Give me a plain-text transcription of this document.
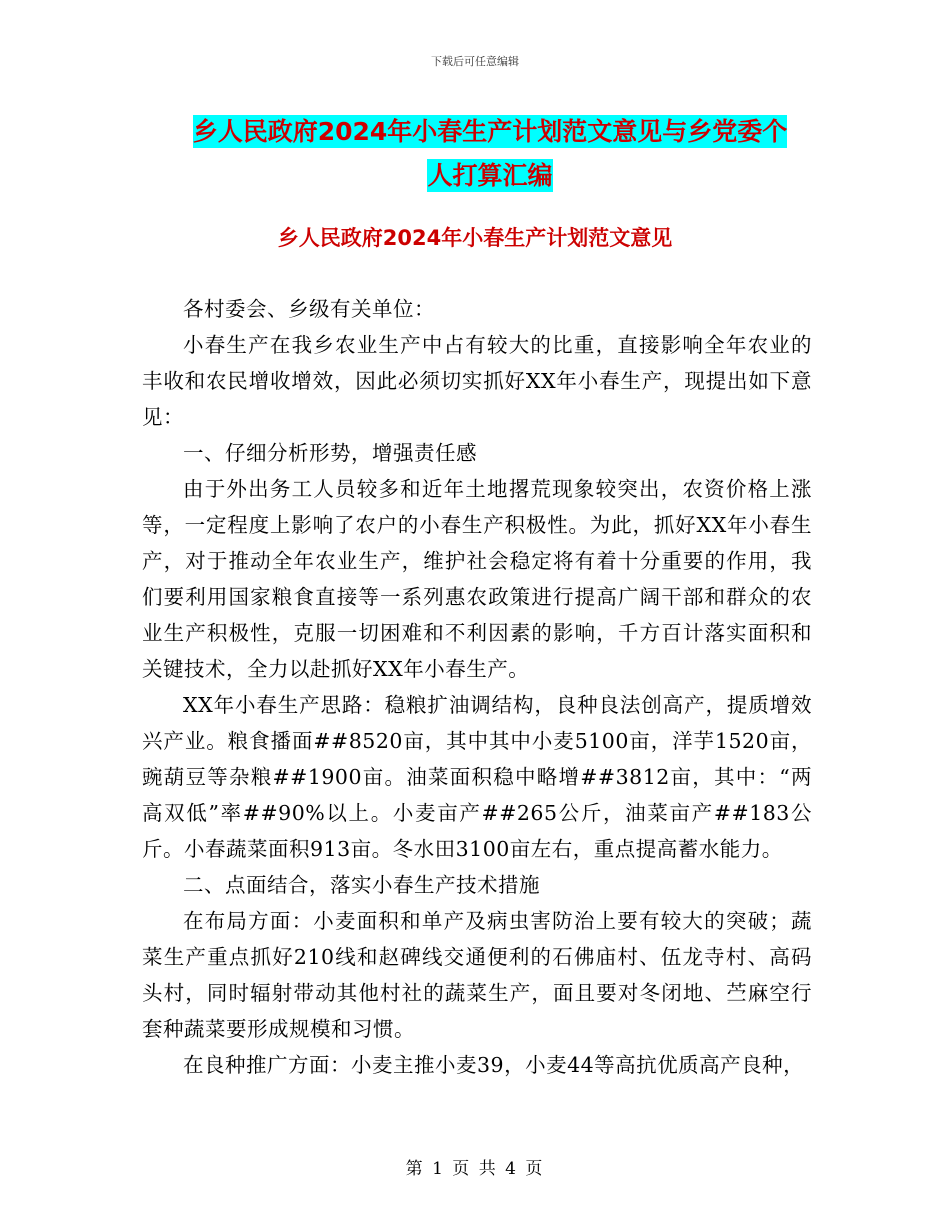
下载后可任意编辑
乡人民政府2024年小春生产计划范文意见与乡党委个
人打算汇编
乡人民政府2024年小春生产计划范文意见

各村委会、乡级有关单位：

小春生产在我乡农业生产中占有较大的比重，直接影响全年农业的丰收和农民增收增效，因此必须切实抓好XX年小春生产，现提出如下意见：

一、仔细分析形势，增强责任感

由于外出务工人员较多和近年土地撂荒现象较突出，农资价格上涨等，一定程度上影响了农户的小春生产积极性。为此，抓好XX年小春生产，对于推动全年农业生产，维护社会稳定将有着十分重要的作用，我们要利用国家粮食直接等一系列惠农政策进行提高广阔干部和群众的农业生产积极性，克服一切困难和不利因素的影响，千方百计落实面积和关键技术，全力以赴抓好XX年小春生产。

XX年小春生产思路：稳粮扩油调结构，良种良法创高产，提质增效兴产业。粮食播面##8520亩，其中其中小麦5100亩，洋芋1520亩，豌葫豆等杂粮##1900亩。油菜面积稳中略增##3812亩，其中：“两高双低”率##90%以上。小麦亩产##265公斤，油菜亩产##183公斤。小春蔬菜面积913亩。冬水田3100亩左右，重点提高蓄水能力。

二、点面结合，落实小春生产技术措施

在布局方面：小麦面积和单产及病虫害防治上要有较大的突破；蔬菜生产重点抓好210线和赵碑线交通便利的石佛庙村、伍龙寺村、高码头村，同时辐射带动其他村社的蔬菜生产，面且要对冬闭地、苎麻空行套种蔬菜要形成规模和习惯。

在良种推广方面：小麦主推小麦39，小麦44等高抗优质高产良种，

第 1 页 共 4 页
